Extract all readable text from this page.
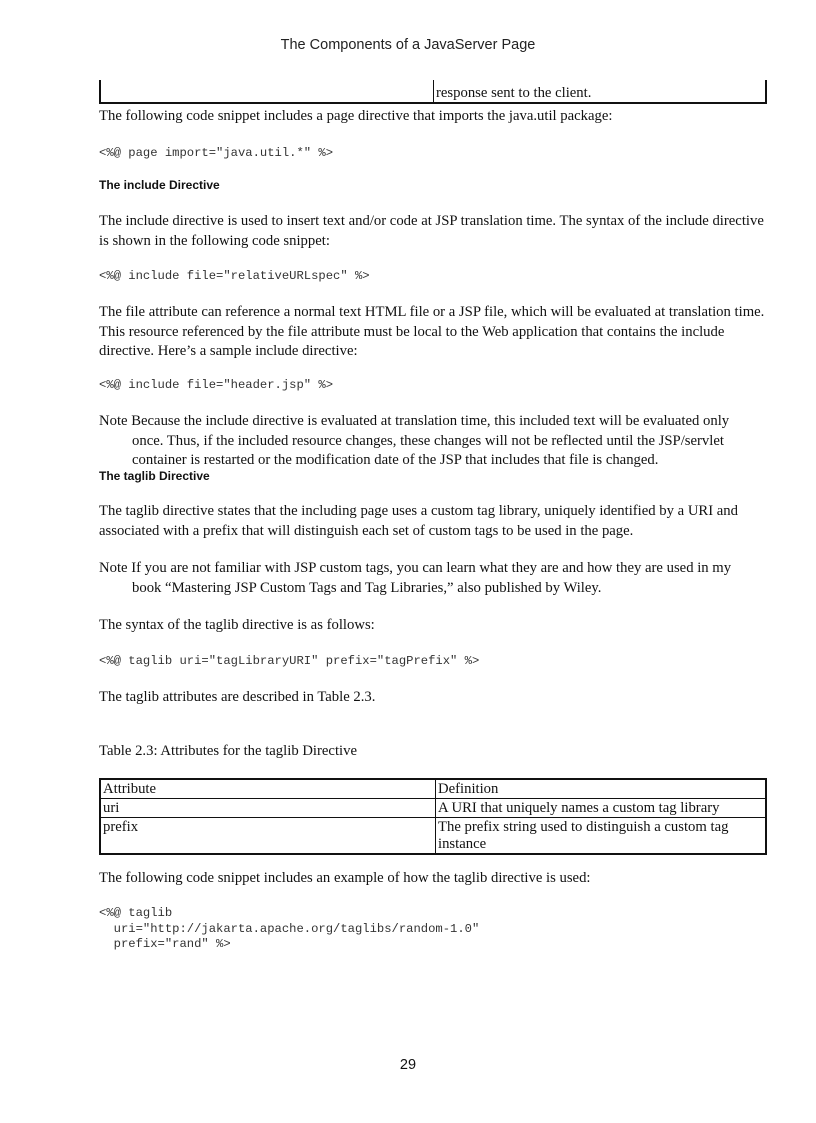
The Components of a JavaServer Page
response sent to the client.
The following code snippet includes a page directive that imports the java.util package:
<%@ page import="java.util.*" %>
The include Directive
The include directive is used to insert text and/or code at JSP translation time. The syntax of the include directive is shown in the following code snippet:
<%@ include file="relativeURLspec" %>
The file attribute can reference a normal text HTML file or a JSP file, which will be evaluated at translation time. This resource referenced by the file attribute must be local to the Web application that contains the include directive. Here’s a sample include directive:
<%@ include file="header.jsp" %>
Note Because the include directive is evaluated at translation time, this included text will be evaluated only
once. Thus, if the included resource changes, these changes will not be reflected until the JSP/servlet container is restarted or the modification date of the JSP that includes that file is changed.
The taglib Directive
The taglib directive states that the including page uses a custom tag library, uniquely identified by a URI and associated with a prefix that will distinguish each set of custom tags to be used in the page.
Note If you are not familiar with JSP custom tags, you can learn what they are and how they are used in my
book “Mastering JSP Custom Tags and Tag Libraries,” also published by Wiley.
The syntax of the taglib directive is as follows:
<%@ taglib uri="tagLibraryURI" prefix="tagPrefix" %>
The taglib attributes are described in Table 2.3.
Table 2.3: Attributes for the taglib Directive
Attribute	Definition
uri	A URI that uniquely names a custom tag library
prefix	The prefix string used to distinguish a custom tag instance
The following code snippet includes an example of how the taglib directive is used:
<%@ taglib
uri="http://jakarta.apache.org/taglibs/random-1.0"
prefix="rand" %>
29
